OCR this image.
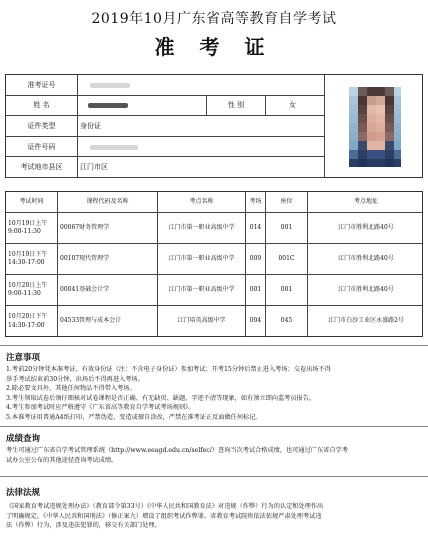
2019年10月广东省高等教育自学考试
准 考 证
准考证号
姓 名	性 别	女
证件类型	身份证
证件号码
考试地市县区	江门市区
考试时间	课程代码及名称	考点名称	考场	座位	考点地址
10月19日上午
9:00-11:30
00067财务管理学	江门市第一职业高级中学	014	001	江门市胜利北路40号
10月19日下午
14:30-17:00
00107现代管理学	江门市第一职业高级中学	009	001C	江门市胜利北路40号
10月20日上午
9:00-11:30
00041基础会计学	江门市第一职业高级中学	001	001	江门市胜利北路40号
10月20日下午
14:30-17:00
04533管理与成本会计	江门培英高级中学	004	045	江门市白沙工业区永盛路2号
注意事项

1.考前20分钟凭本准考证、有效身份证（注：不含电子身份证）参加考试；开考15分钟后禁止进入考场；交卷出场不得

举手考试结束前30分钟，出场后不得再进入考场。

2.除必要文具外，其他任何物品不得带入考场。

3.考生领取试卷后须仔细核对试卷课程是否正确、有无缺页、缺题、字迹不清等现象，如有须立即向监考员报告。

4.考生参加考试时应严格遵守《广东省高等教育自学考试考场规则》。

5.本准考证用普通A4纸打印，严禁伪造、变造或擅自涂改，严禁在准考证正反面做任何标记。

成绩查询

考生可通过广东省自学考试管理系统（http://www.eeagd.edu.cn/selfec/）查询当次考试合格成绩，也可通过广东省自学考

试办公室公布的其他途径查询考试成绩。

法律法规

《国家教育考试违规处理办法》（教育部令第33号）《中华人民共和国教育法》对违规（作弊）行为的认定和处理作出

了明确规定，《中华人民共和国刑法》（修正案九）增设了组织考试作弊罪。省教育考试院将依法依规严肃处理考试违

法（作弊）行为，涉及违法犯罪的，移交有关部门处理。
